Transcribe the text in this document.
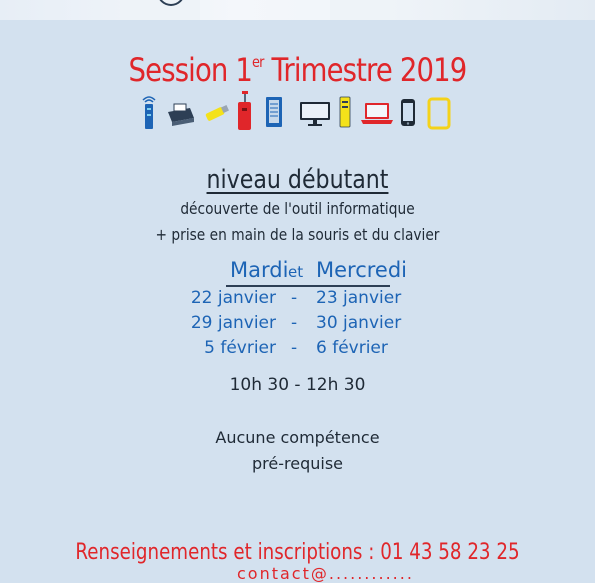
Session 1er Trimestre 2019
niveau débutant
découverte de l'outil informatique
+ prise en main de la souris et du clavier
Mardi et Mercredi
22 janvier - 23 janvier
29 janvier - 30 janvier
5 février - 6 février
10h 30 - 12h 30
Aucune compétence
pré-requise
Renseignements et inscriptions : 01 43 58 23 25
contact@............
